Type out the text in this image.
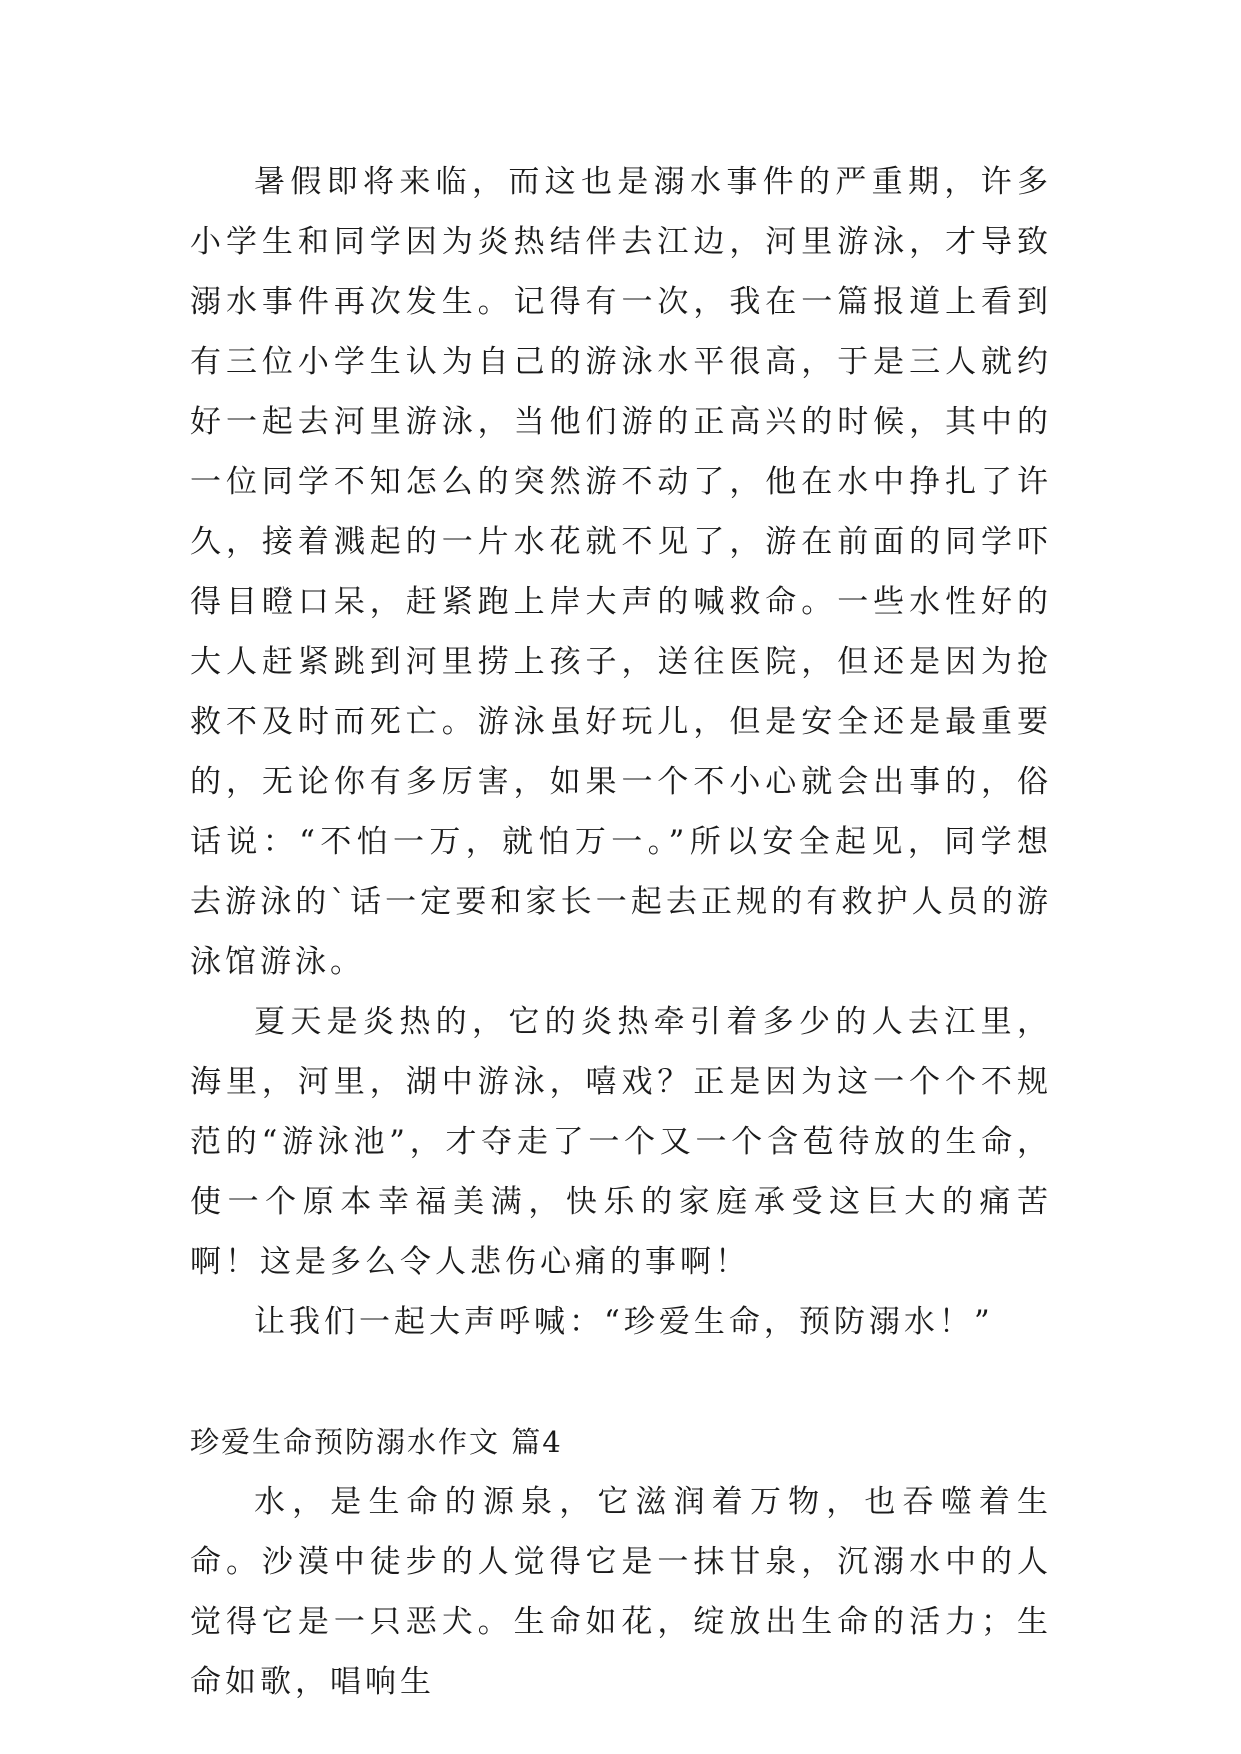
暑假即将来临，而这也是溺水事件的严重期，许多小学生和同学因为炎热结伴去江边，河里游泳，才导致溺水事件再次发生。记得有一次，我在一篇报道上看到有三位小学生认为自己的游泳水平很高，于是三人就约好一起去河里游泳，当他们游的正高兴的时候，其中的一位同学不知怎么的突然游不动了，他在水中挣扎了许久，接着溅起的一片水花就不见了，游在前面的同学吓得目瞪口呆，赶紧跑上岸大声的喊救命。一些水性好的大人赶紧跳到河里捞上孩子，送往医院，但还是因为抢救不及时而死亡。游泳虽好玩儿，但是安全还是最重要的，无论你有多厉害，如果一个不小心就会出事的，俗话说：“不怕一万，就怕万一。”所以安全起见，同学想去游泳的`话一定要和家长一起去正规的有救护人员的游泳馆游泳。

夏天是炎热的，它的炎热牵引着多少的人去江里，海里，河里，湖中游泳，嘻戏？正是因为这一个个不规范的“游泳池”，才夺走了一个又一个含苞待放的生命，使一个原本幸福美满，快乐的家庭承受这巨大的痛苦啊！这是多么令人悲伤心痛的事啊！

让我们一起大声呼喊：“珍爱生命，预防溺水！”

珍爱生命预防溺水作文 篇4

水，是生命的源泉，它滋润着万物，也吞噬着生命。沙漠中徒步的人觉得它是一抹甘泉，沉溺水中的人觉得它是一只恶犬。生命如花，绽放出生命的活力；生命如歌，唱响生
